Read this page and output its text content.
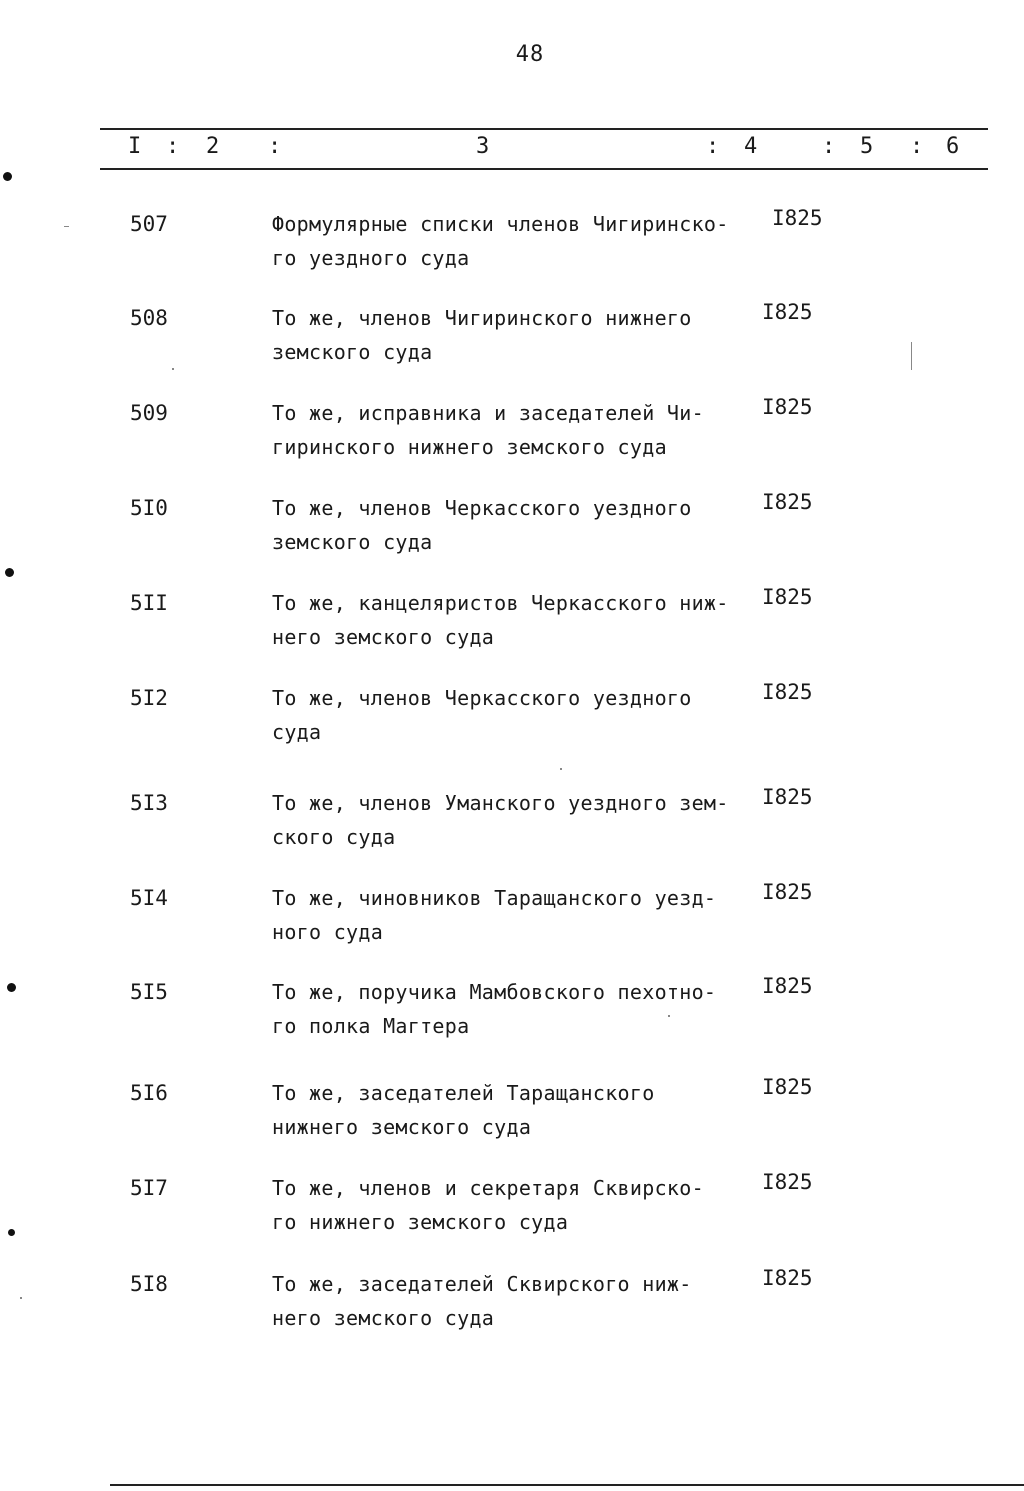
48
I : 2 :	3	: 4	: 5 : 6
507	Формулярные списки членов Чигиринско-
го уездного суда
I825
508	То же, членов Чигиринского нижнего
земского суда
I825
509	То же, исправника и заседателей Чи-
гиринского нижнего земского суда
I825
5I0	То же, членов Черкасского уездного
земского суда
I825
5II	То же, канцеляристов Черкасского ниж-
него земского суда
I825
5I2	То же, членов Черкасского уездного
суда
I825
5I3	То же, членов Уманского уездного зем-
ского суда
I825
5I4	То же, чиновников Таращанского уезд-
ного суда
I825
5I5	То же, поручика Мамбовского пехотно-
го полка Магтера
I825
5I6	То же, заседателей Таращанского
нижнего земского суда
I825
5I7	То же, членов и секретаря Сквирско-
го нижнего земского суда
I825
5I8	То же, заседателей Сквирского ниж-
него земского суда
I825
